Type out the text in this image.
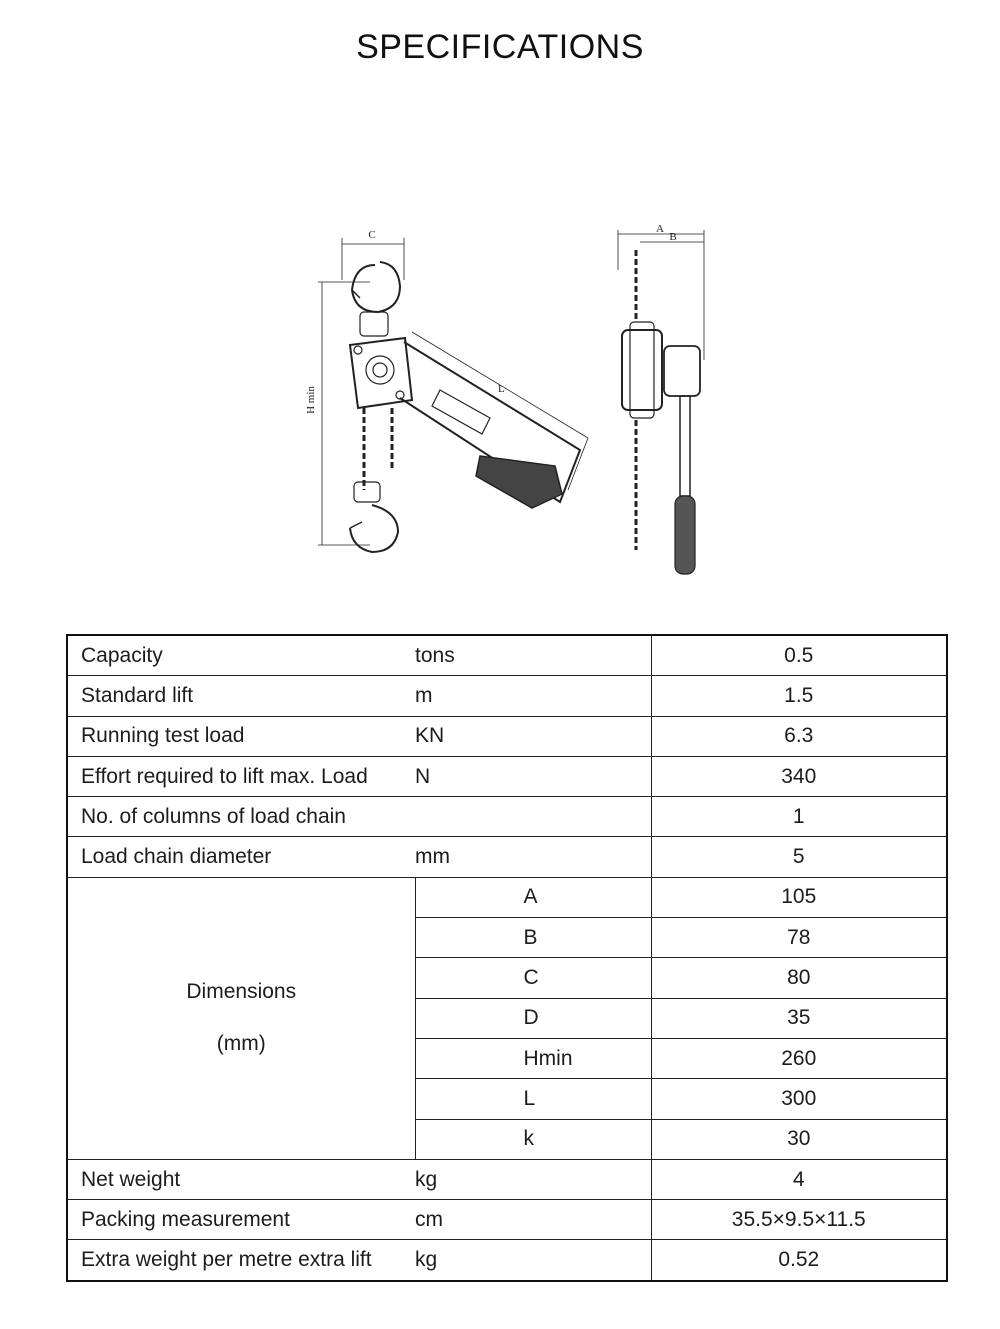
SPECIFICATIONS
C	A
B
L
H min
Capacity	tons	0.5
Standard lift	m	1.5
Running test load	KN	6.3
Effort required to lift max. Load	N	340
No. of columns of load chain		1
Load chain diameter	mm	5

Dimensions
(mm)	A	105
	B	78
	C	80
	D	35
	Hmin	260
	L	300
	k	30
Net weight	kg	4
Packing measurement	cm	35.5×9.5×11.5
Extra weight per metre extra lift	kg	0.52
